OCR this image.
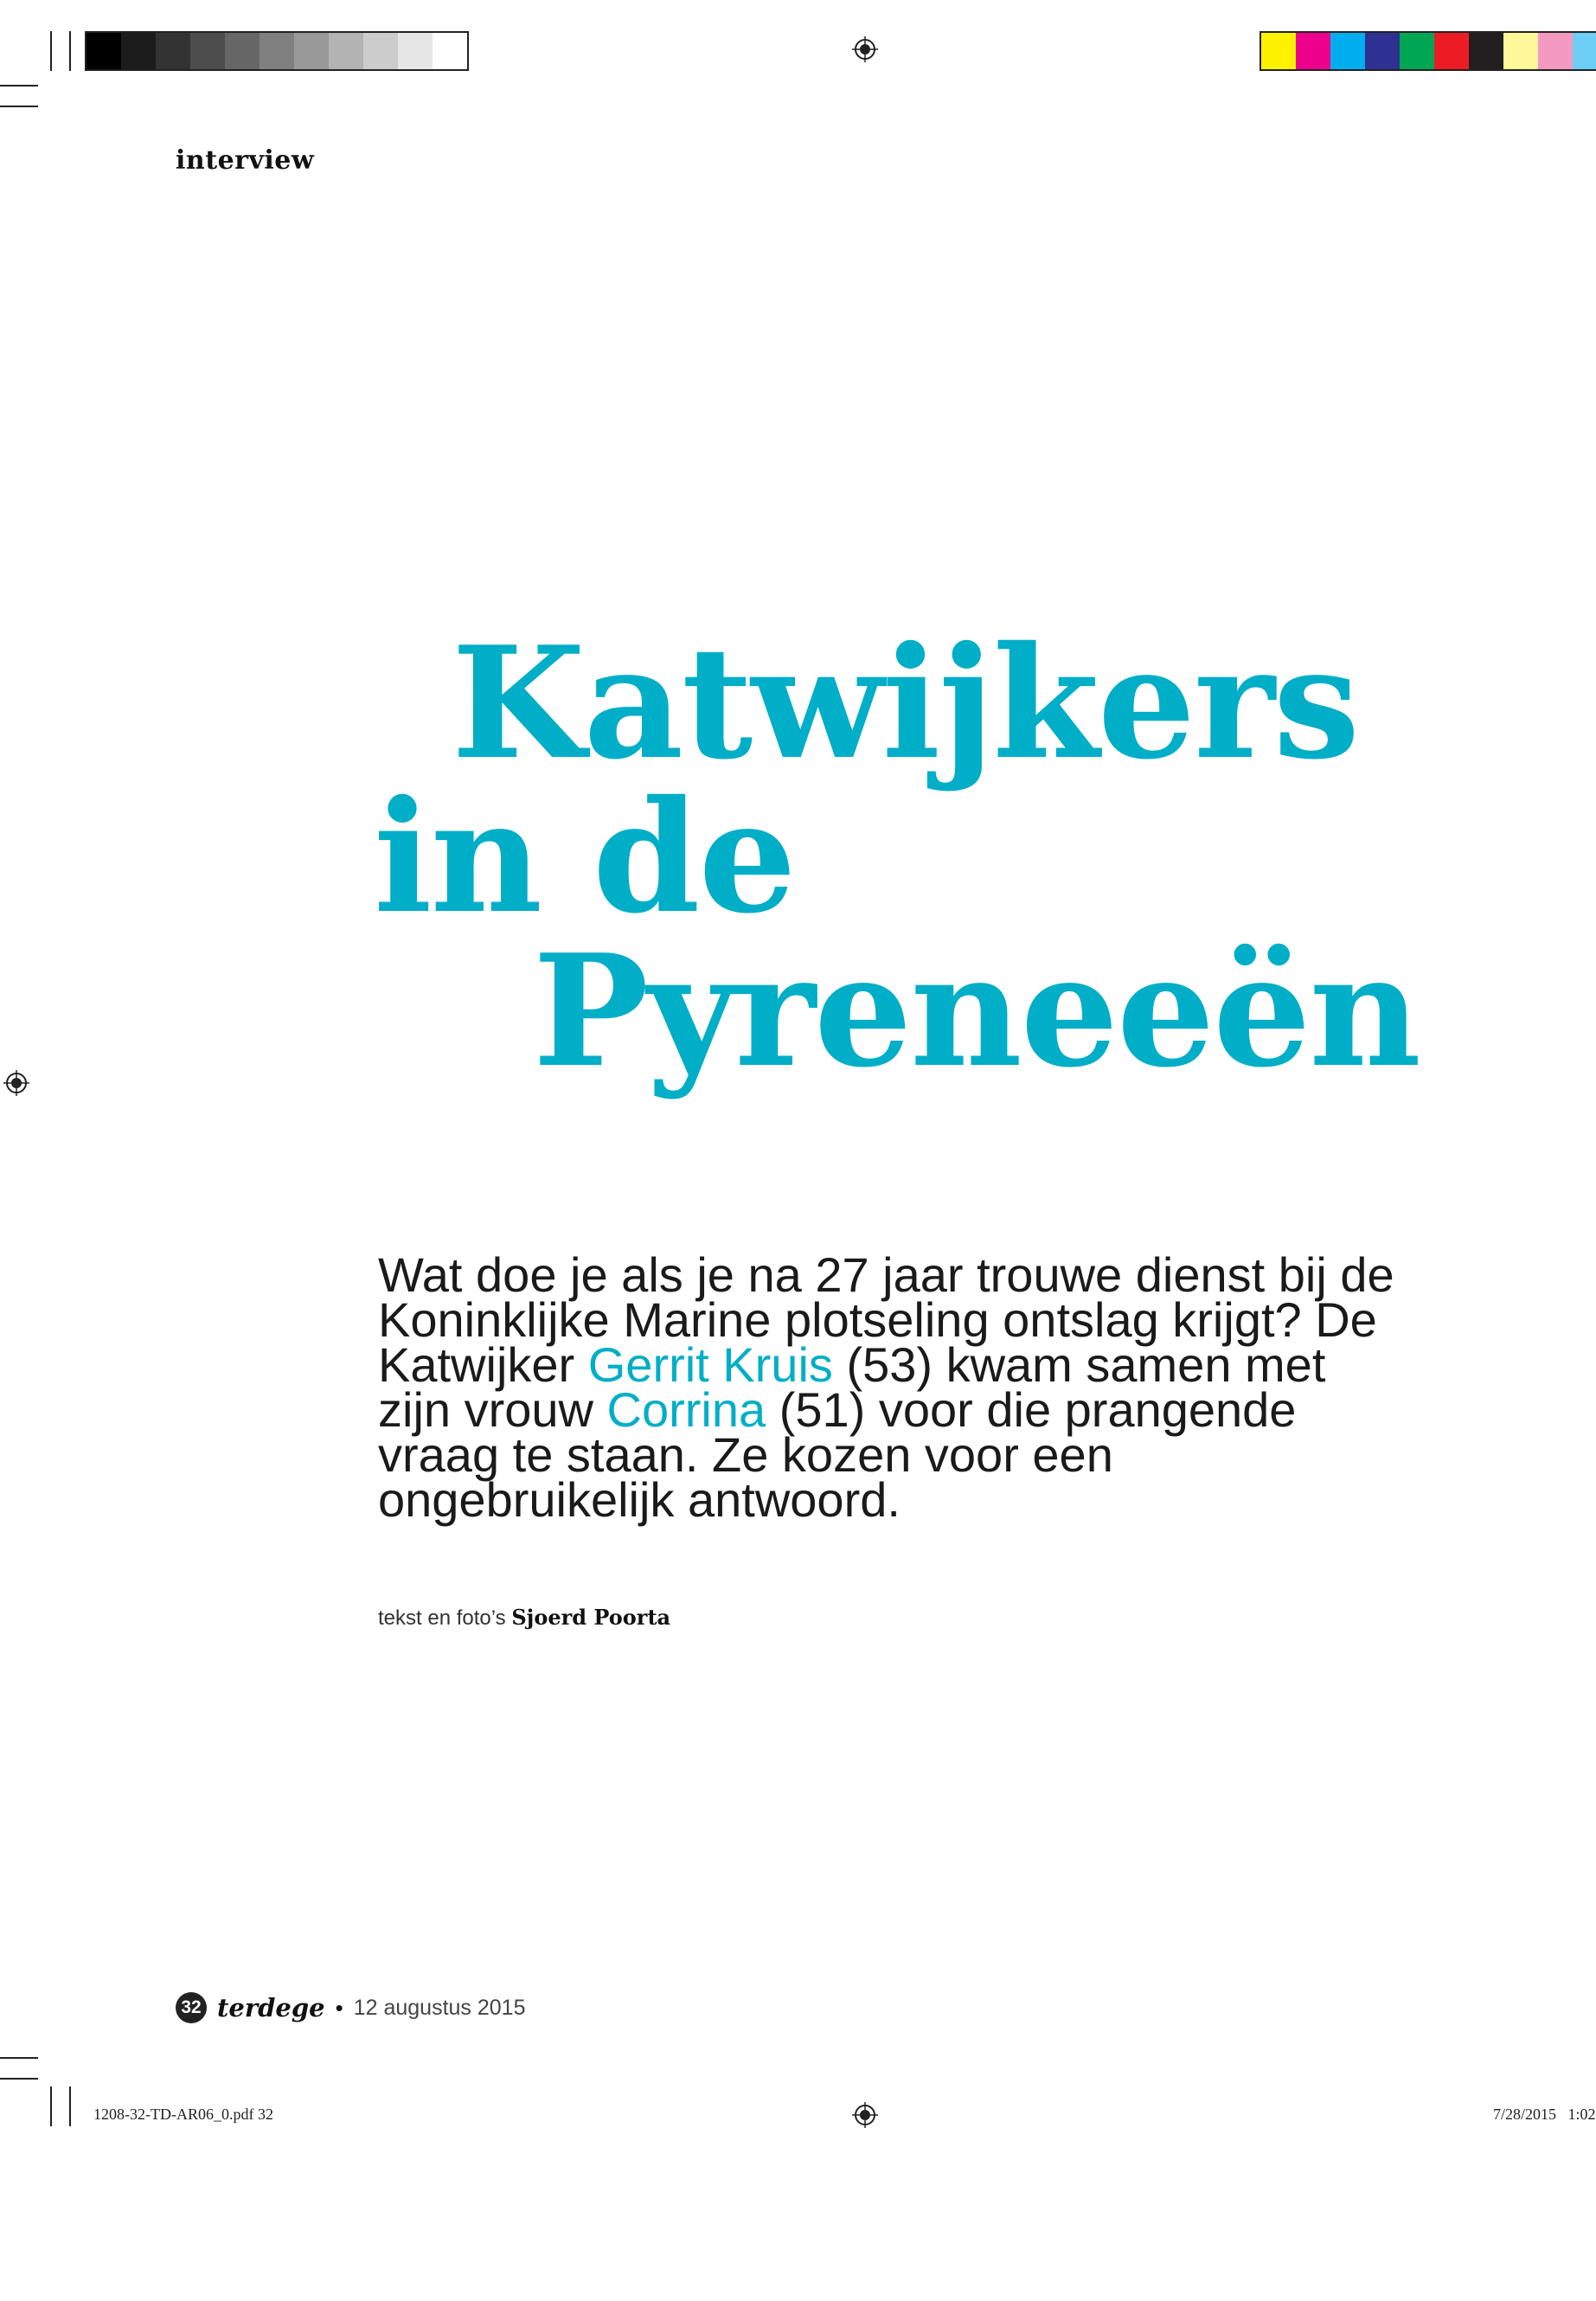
interview
Katwijkers
in de
Pyreneeën

Wat doe je als je na 27 jaar trouwe dienst bij de Koninklijke Marine plotseling ontslag krijgt? De Katwijker Gerrit Kruis (53) kwam samen met zijn vrouw Corrina (51) voor die prangende vraag te staan. Ze kozen voor een ongebruikelijk antwoord.

tekst en foto’s Sjoerd Poorta
32 terdege • 12 augustus 2015
1208-32-TD-AR06_0.pdf 32	7/28/2015   1:02
